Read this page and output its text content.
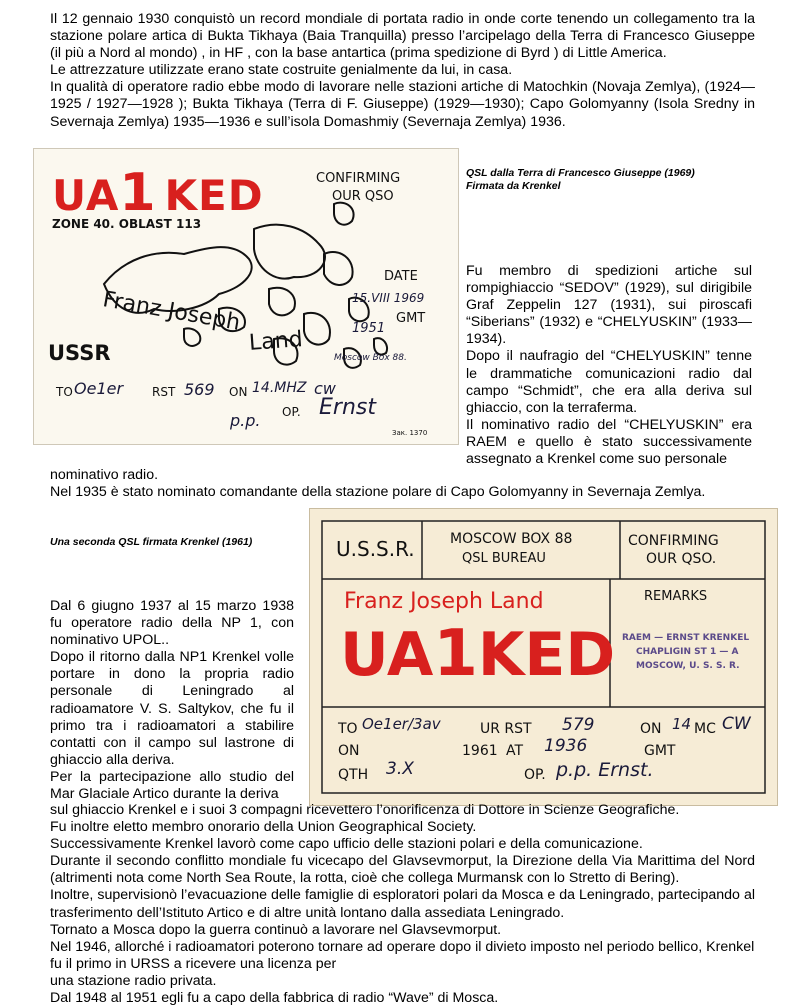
Il 12 gennaio 1930 conquistò un record mondiale di portata radio in onde corte tenendo un collegamento tra la stazione polare artica di Bukta Tikhaya (Baia Tranquilla) presso l’arcipelago della Terra di Francesco Giuseppe (il più a Nord al mondo) , in HF , con la base antartica (prima spedizione di Byrd ) di Little America.
Le attrezzature utilizzate erano state costruite genialmente da lui, in casa.
In qualità di operatore radio ebbe modo di lavorare nelle stazioni artiche di Matochkin (Novaja Zemlya), (1924—1925 / 1927—1928 ); Bukta Tikhaya (Terra di F. Giuseppe) (1929—1930); Capo Golomyanny (Isola Sredny in Severnaja Zemlya) 1935—1936 e sull’isola Domashmiy (Severnaja Zemlya) 1936.
UA1 KED
ZONE 40. OBLAST 113
CONFIRMING
OUR QSO
DATE
15.VIII 1969
GMT
1951
Franz Joseph
Land
USSR	Moscow Box 88.
TO Oe1er RST 569 ON 14.MHZ cw
OP. Ernst
p.p.
Зак. 1370
QSL dalla Terra di Francesco Giuseppe (1969)
Firmata da Krenkel
Fu membro di spedizioni artiche sul rompighiaccio “SEDOV” (1929), sul dirigibile Graf Zeppelin 127 (1931), sui piroscafi “Siberians” (1932) e “CHELYUSKIN” (1933—1934).
Dopo il naufragio del “CHELYUSKIN” tenne le drammatiche comunicazioni radio dal campo “Schmidt”, che era alla deriva sul ghiaccio, con la terraferma.
Il nominativo radio del “CHELYUSKIN” era RAEM e quello è stato successivamente assegnato a Krenkel come suo personale
nominativo radio.
Nel 1935 è stato nominato comandante della stazione polare di Capo Golomyanny in Severnaja Zemlya.
Una seconda QSL firmata Krenkel (1961)	U.S.S.R.	MOSCOW BOX 88
QSL BUREAU
CONFIRMING
OUR QSO.
Franz Joseph Land	REMARKS
UA1KED RAEM — ERNST KRENKEL
CHAPLIGIN ST 1 — A
MOSCOW, U. S. S. R.
TO Oe1er/3av	UR RST 579	ON 14 MC CW
ON	1961 AT 1936	GMT
QTH 3.X	OP. p.p. Ernst.
Dal 6 giugno 1937 al 15 marzo 1938 fu operatore radio della NP 1, con nominativo UPOL..
Dopo il ritorno dalla NP1 Krenkel volle portare in dono la propria radio personale di Leningrado al radioamatore V. S. Saltykov, che fu il primo tra i radioamatori a stabilire contatti con il campo sul lastrone di ghiaccio alla deriva.
Per la partecipazione allo studio del Mar Glaciale Artico durante la deriva
sul ghiaccio Krenkel e i suoi 3 compagni ricevettero l’onorificenza di Dottore in Scienze Geografiche.
Fu inoltre eletto membro onorario della Union Geographical Society.
Successivamente Krenkel lavorò come capo ufficio delle stazioni polari e della comunicazione.
Durante il secondo conflitto mondiale fu vicecapo del Glavsevmorput, la Direzione della Via Marittima del Nord (altrimenti nota come North Sea Route, la rotta, cioè che collega Murmansk con lo Stretto di Bering).
Inoltre, supervisionò l’evacuazione delle famiglie di esploratori polari da Mosca e da Leningrado, partecipando al trasferimento dell’Istituto Artico e di altre unità lontano dalla assediata Leningrado.
Tornato a Mosca dopo la guerra continuò a lavorare nel Glavsevmorput.
Nel 1946, allorché i radioamatori poterono tornare ad operare dopo il divieto imposto nel periodo bellico, Krenkel fu il primo in URSS a ricevere una licenza per
una stazione radio privata.
Dal 1948 al 1951 egli fu a capo della fabbrica di radio “Wave” di Mosca.
